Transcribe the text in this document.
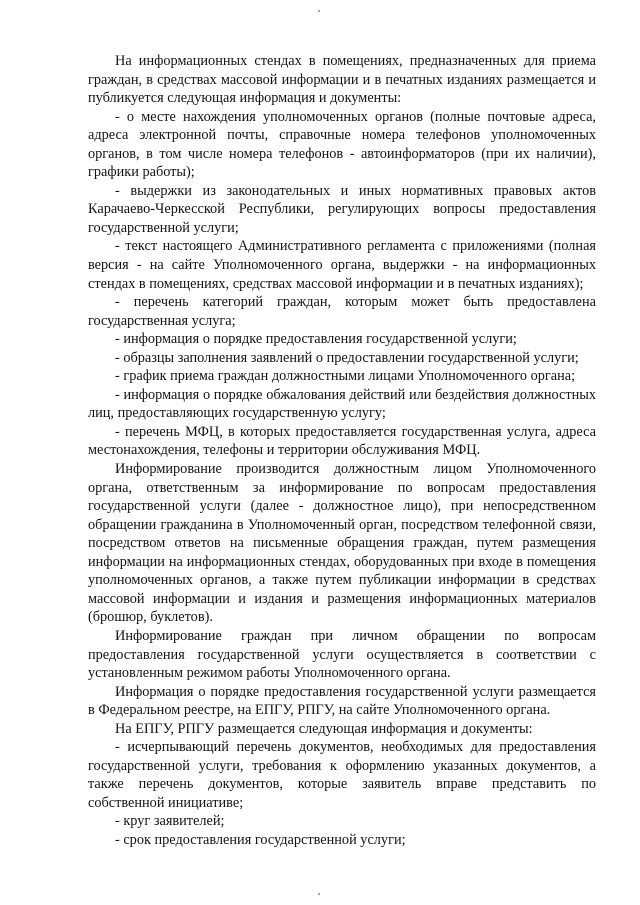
На информационных стендах в помещениях, предназначенных для приема граждан, в средствах массовой информации и в печатных изданиях размещается и публикуется следующая информация и документы:

- о месте нахождения уполномоченных органов (полные почтовые адреса, адреса электронной почты, справочные номера телефонов уполномоченных органов, в том числе номера телефонов - автоинформаторов (при их наличии), графики работы);

- выдержки из законодательных и иных нормативных правовых актов Карачаево-Черкесской Республики, регулирующих вопросы предоставления государственной услуги;

- текст настоящего Административного регламента с приложениями (полная версия - на сайте Уполномоченного органа, выдержки - на информационных стендах в помещениях, средствах массовой информации и в печатных изданиях);

- перечень категорий граждан, которым может быть предоставлена государственная услуга;

- информация о порядке предоставления государственной услуги;

- образцы заполнения заявлений о предоставлении государственной услуги;

- график приема граждан должностными лицами Уполномоченного органа;

- информация о порядке обжалования действий или бездействия должностных лиц, предоставляющих государственную услугу;

- перечень МФЦ, в которых предоставляется государственная услуга, адреса местонахождения, телефоны и территории обслуживания МФЦ.

Информирование производится должностным лицом Уполномоченного органа, ответственным за информирование по вопросам предоставления государственной услуги (далее - должностное лицо), при непосредственном обращении гражданина в Уполномоченный орган, посредством телефонной связи, посредством ответов на письменные обращения граждан, путем размещения информации на информационных стендах, оборудованных при входе в помещения уполномоченных органов, а также путем публикации информации в средствах массовой информации и издания и размещения информационных материалов (брошюр, буклетов).

Информирование граждан при личном обращении по вопросам предоставления государственной услуги осуществляется в соответствии с установленным режимом работы Уполномоченного органа.

Информация о порядке предоставления государственной услуги размещается в Федеральном реестре, на ЕПГУ, РПГУ, на сайте Уполномоченного органа.

На ЕПГУ, РПГУ размещается следующая информация и документы:

- исчерпывающий перечень документов, необходимых для предоставления государственной услуги, требования к оформлению указанных документов, а также перечень документов, которые заявитель вправе представить по собственной инициативе;

- круг заявителей;

- срок предоставления государственной услуги;
